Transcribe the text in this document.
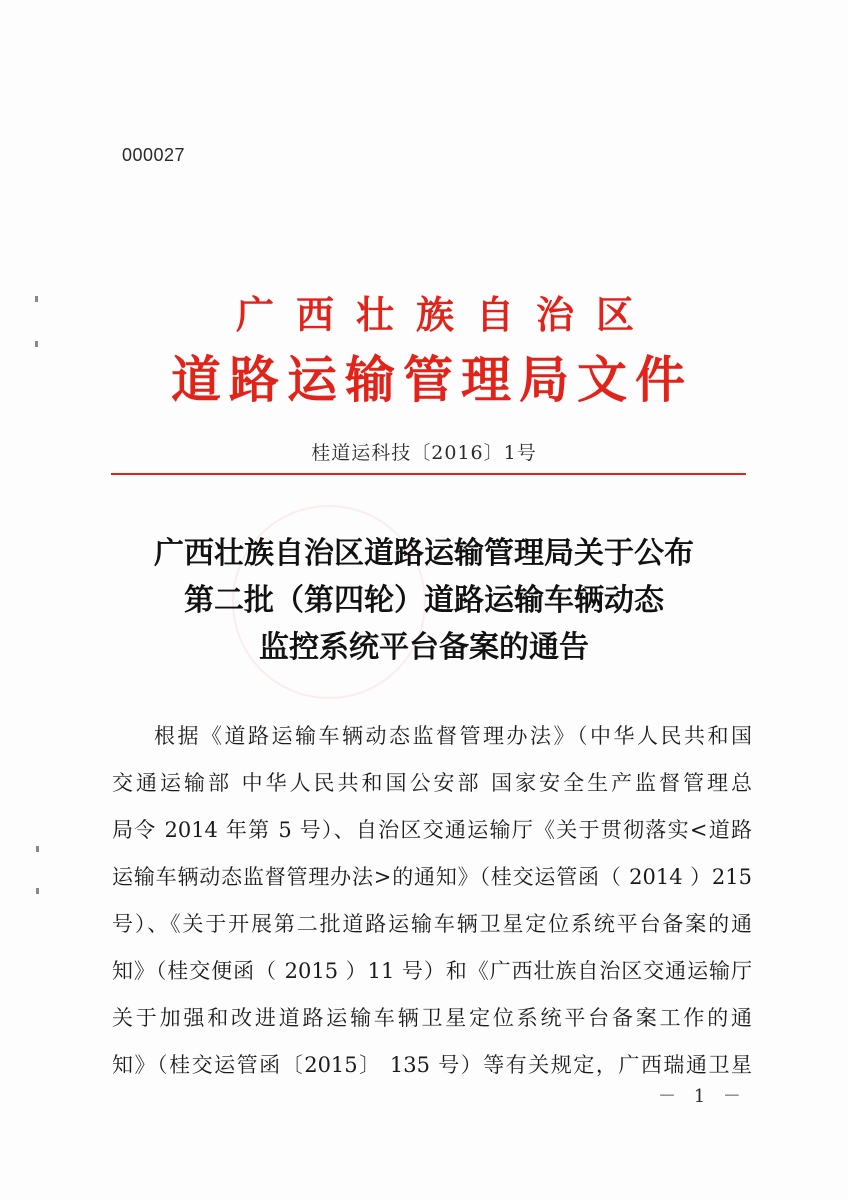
000027
广西壮族自治区
道路运输管理局文件
桂道运科技〔2016〕1号
广西壮族自治区道路运输管理局关于公布
第二批（第四轮）道路运输车辆动态
监控系统平台备案的通告
根据《道路运输车辆动态监督管理办法》（中华人民共和国
交通运输部 中华人民共和国公安部 国家安全生产监督管理总
局令 2014 年第 5 号）、自治区交通运输厅《关于贯彻落实<道路
运输车辆动态监督管理办法>的通知》（桂交运管函（ 2014 ）215
号）、《关于开展第二批道路运输车辆卫星定位系统平台备案的通
知》（桂交便函（ 2015 ）11 号）和《广西壮族自治区交通运输厅
关于加强和改进道路运输车辆卫星定位系统平台备案工作的通
知》（桂交运管函〔2015〕 135 号）等有关规定，广西瑞通卫星
－ 1 －
